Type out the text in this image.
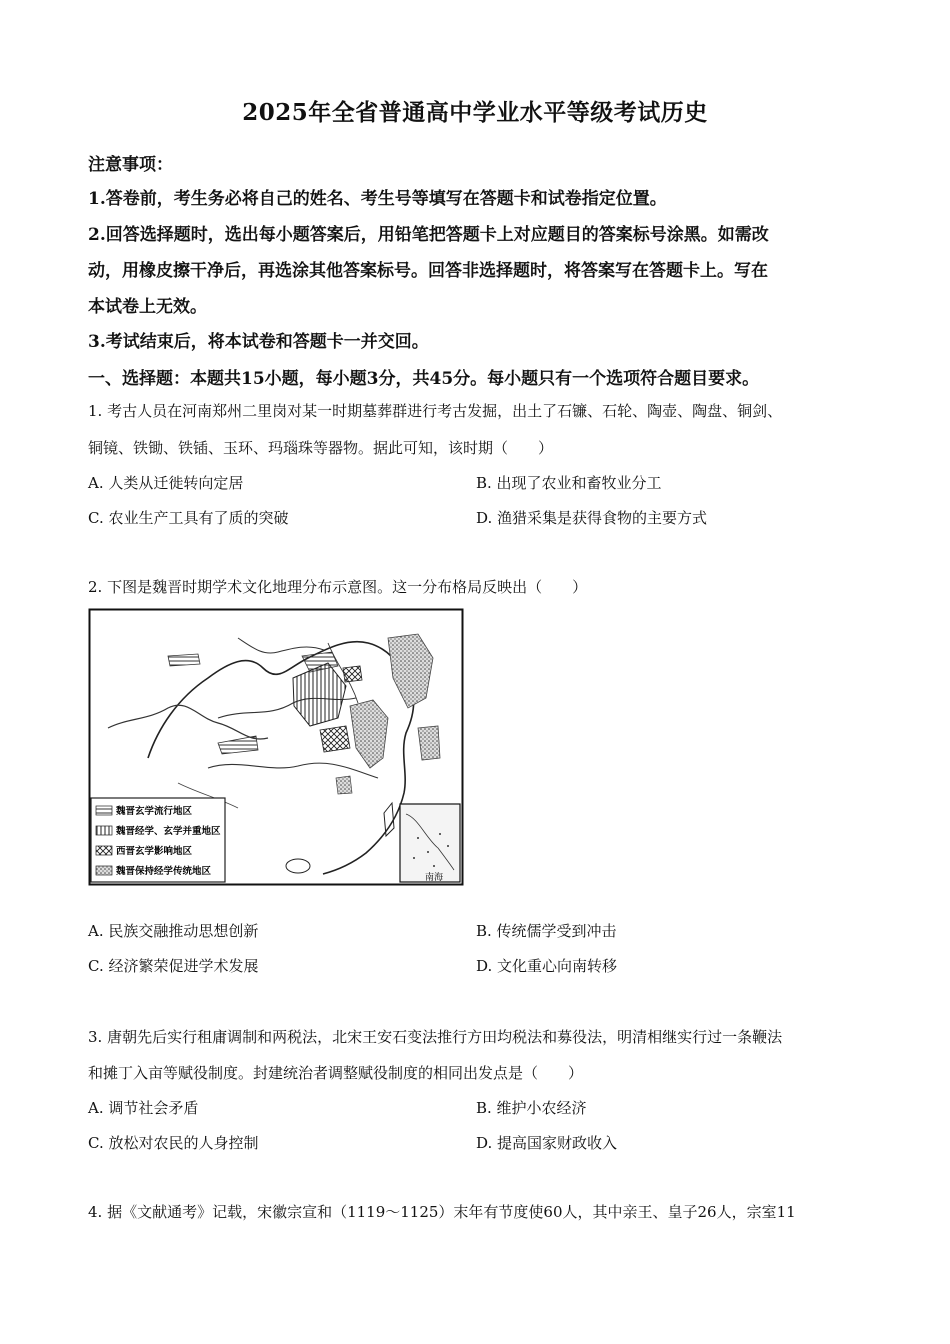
2025年全省普通高中学业水平等级考试历史
注意事项：
1.答卷前，考生务必将自己的姓名、考生号等填写在答题卡和试卷指定位置。
2.回答选择题时，选出每小题答案后，用铅笔把答题卡上对应题目的答案标号涂黑。如需改
动，用橡皮擦干净后，再选涂其他答案标号。回答非选择题时，将答案写在答题卡上。写在
本试卷上无效。
3.考试结束后，将本试卷和答题卡一并交回。
一、选择题：本题共15小题，每小题3分，共45分。每小题只有一个选项符合题目要求。
1. 考古人员在河南郑州二里岗对某一时期墓葬群进行考古发掘，出土了石镰、石轮、陶壶、陶盘、铜剑、
铜镜、铁锄、铁锸、玉环、玛瑙珠等器物。据此可知，该时期（　　）
A. 人类从迁徙转向定居	B. 出现了农业和畜牧业分工
C. 农业生产工具有了质的突破	D. 渔猎采集是获得食物的主要方式
2. 下图是魏晋时期学术文化地理分布示意图。这一分布格局反映出（　　）
南海
魏晋玄学流行地区
魏晋经学、玄学并重地区
西晋玄学影响地区
魏晋保持经学传统地区
A. 民族交融推动思想创新	B. 传统儒学受到冲击
C. 经济繁荣促进学术发展	D. 文化重心向南转移
3. 唐朝先后实行租庸调制和两税法，北宋王安石变法推行方田均税法和募役法，明清相继实行过一条鞭法
和摊丁入亩等赋役制度。封建统治者调整赋役制度的相同出发点是（　　）
A. 调节社会矛盾	B. 维护小农经济
C. 放松对农民的人身控制	D. 提高国家财政收入
4. 据《文献通考》记载，宋徽宗宣和（1119～1125）末年有节度使60人，其中亲王、皇子26人，宗室11
